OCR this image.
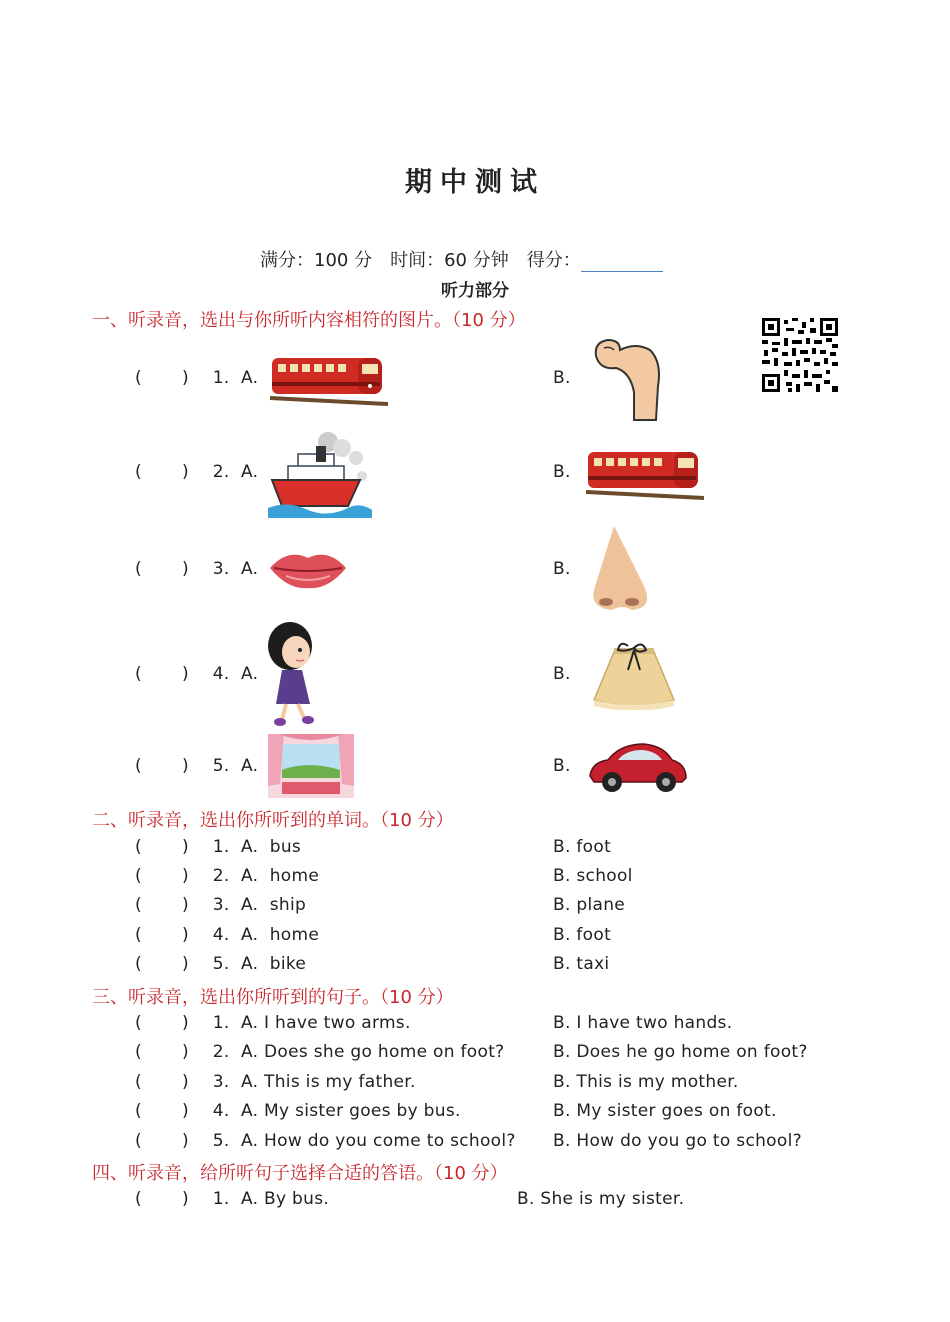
期中测试
满分：100 分　时间：60 分钟　得分：
听力部分
一、听录音，选出与你所听内容相符的图片。（10 分）
( ) 1. A.	B.
( ) 2. A.	B.
( ) 3. A.	B.
( ) 4. A.	B.
( ) 5. A.	B.
二、听录音，选出你所听到的单词。（10 分）
( ) 1. A. bus	B. foot
( ) 2. A. home	B. school
( ) 3. A. ship	B. plane
( ) 4. A. home	B. foot
( ) 5. A. bike	B. taxi
三、听录音，选出你所听到的句子。（10 分）
( ) 1. A. I have two arms.	B. I have two hands.
( ) 2. A. Does she go home on foot?	B. Does he go home on foot?
( ) 3. A. This is my father.	B. This is my mother.
( ) 4. A. My sister goes by bus.	B. My sister goes on foot.
( ) 5. A. How do you come to school? B. How do you go to school?
四、听录音，给所听句子选择合适的答语。（10 分）
( ) 1. A. By bus.	B. She is my sister.
